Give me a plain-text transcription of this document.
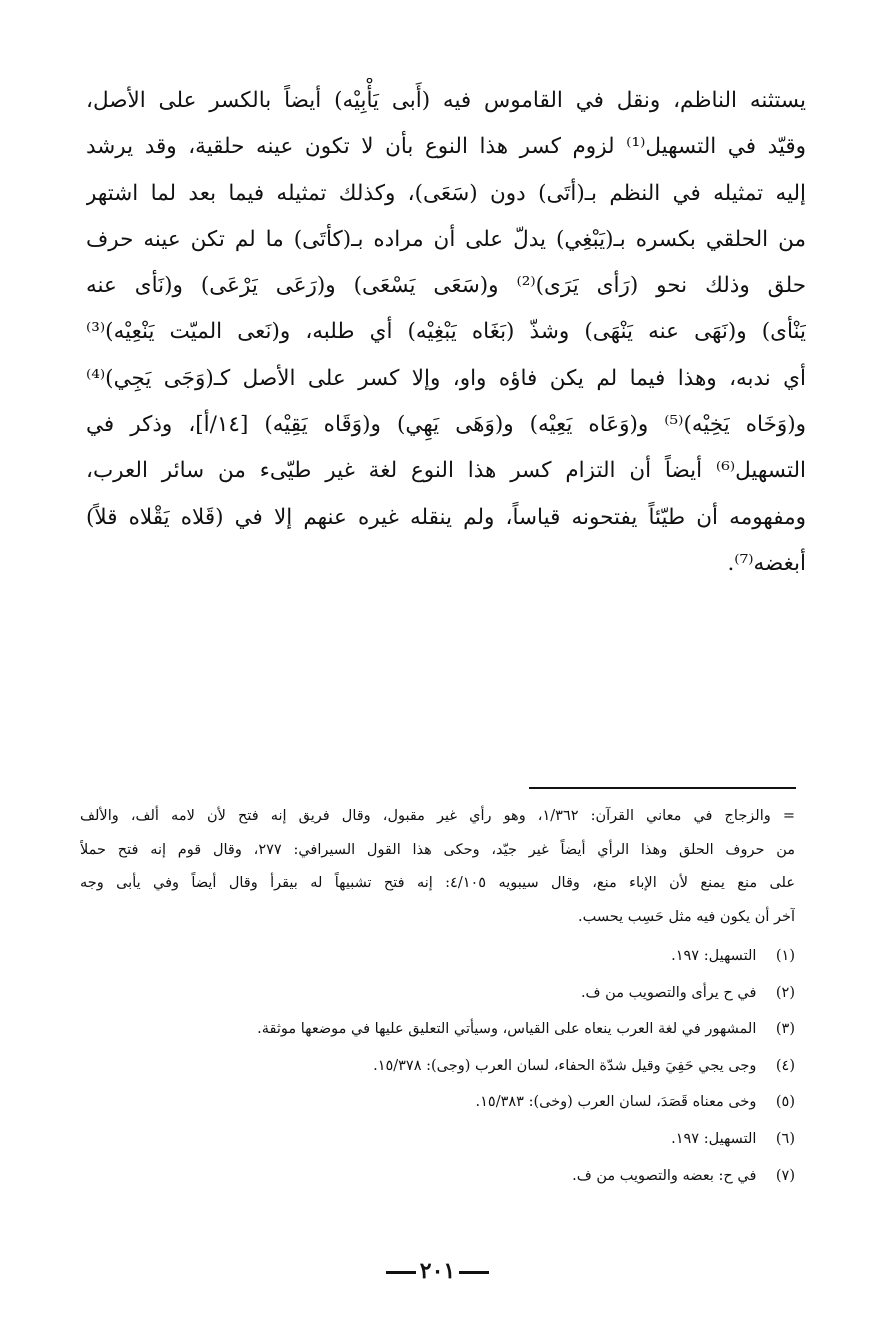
يستثنه الناظم، ونقل في القاموس فيه (أَبى يَأْبِيْه) أيضاً بالكسر على الأصل،
وقيّد في التسهيل⁽¹⁾ لزوم كسر هذا النوع بأن لا تكون عينه حلقية، وقد يرشد
إليه تمثيله في النظم بـ(أتَى) دون (سَعَى)، وكذلك تمثيله فيما بعد لما اشتهر
من الحلقي بكسره بـ(يَبْغِي) يدلّ على أن مراده بـ(كأتَى) ما لم تكن عينه حرف
حلق وذلك نحو (رَأى يَرَى)⁽²⁾ و(سَعَى يَسْعَى) و(رَعَى يَرْعَى) و(نَأى عنه
يَنْأى) و(نَهَى عنه يَنْهَى) وشذّ (بَغَاه يَبْغِيْه) أي طلبه، و(نَعى الميّت يَنْعِيْه)⁽³⁾
أي ندبه، وهذا فيما لم يكن فاؤه واو، وإلا كسر على الأصل كـ(وَجَى يَجِي)⁽⁴⁾
و(وَخَاه يَخِيْه)⁽⁵⁾ و(وَعَاه يَعِيْه) و(وَهَى يَهِي) و(وَقَاه يَقِيْه) [١٤/أ]، وذكر في
التسهيل⁽⁶⁾ أيضاً أن التزام كسر هذا النوع لغة غير طيّىء من سائر العرب،
ومفهومه أن طيّئاً يفتحونه قياساً، ولم ينقله غيره عنهم إلا في (قَلاه يَقْلاه قلاً)
أبغضه⁽⁷⁾.
= والزجاج في معاني القرآن: ١/٣٦٢، وهو رأي غير مقبول، وقال فريق إنه فتح لأن لامه ألف، والألف
من حروف الحلق وهذا الرأي أيضاً غير جيّد، وحكى هذا القول السيرافي: ٢٧٧، وقال قوم إنه فتح حملاً
على منع يمنع لأن الإباء منع، وقال سيبويه ٤/١٠٥: إنه فتح تشبيهاً له بيقرأ وقال أيضاً وفي يأبى وجه
آخر أن يكون فيه مثل حَسِب يحسب.
(١) التسهيل: ١٩٧.
(٢) في ح يرأى والتصويب من ف.
(٣) المشهور في لغة العرب ينعاه على القياس، وسيأتي التعليق عليها في موضعها موثقة.
(٤) وجى يجي حَفِيَ وقيل شدّة الحفاء، لسان العرب (وجى): ١٥/٣٧٨.
(٥) وخى معناه قَصَدَ، لسان العرب (وخى): ١٥/٣٨٣.
(٦) التسهيل: ١٩٧.
(٧) في ح: بعضه والتصويب من ف.
٢٠١
